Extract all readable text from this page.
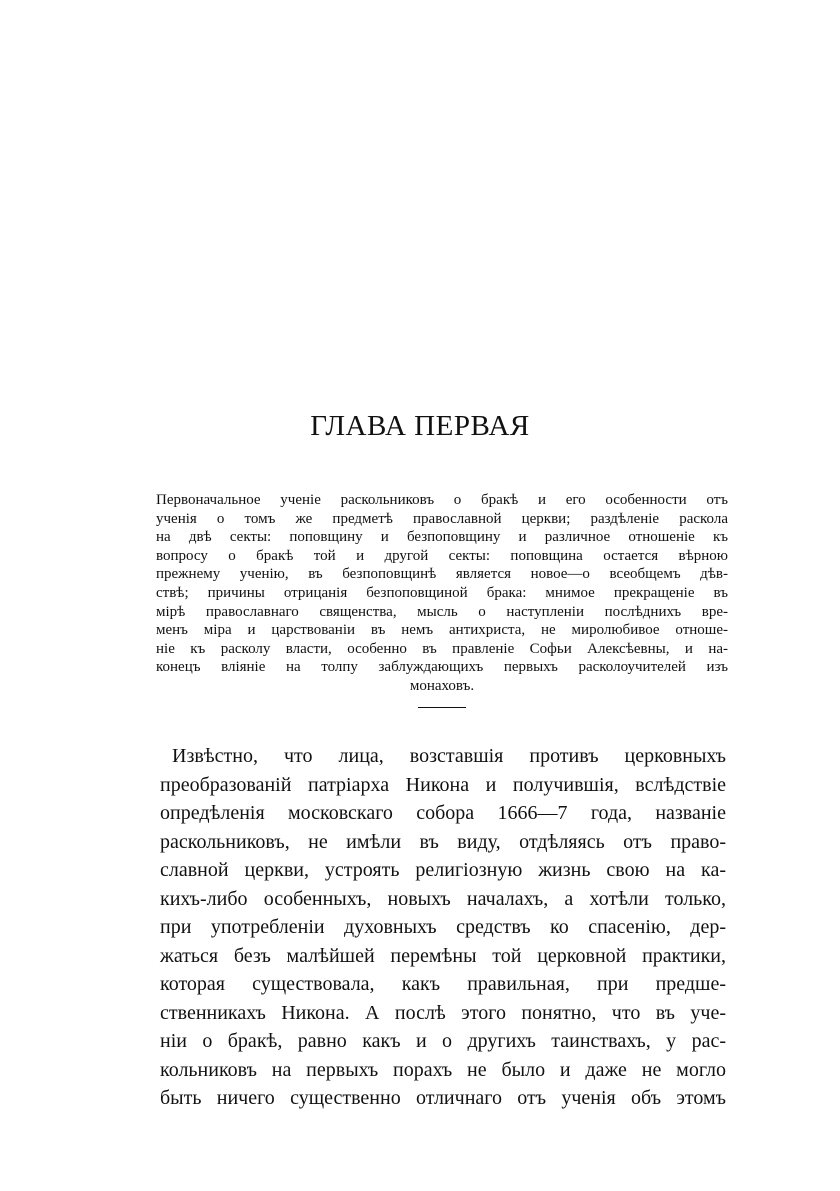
ГЛАВА ПЕРВАЯ
Первоначальное ученіе раскольниковъ о бракѣ и его особенности отъ
ученія о томъ же предметѣ православной церкви; раздѣленіе раскола
на двѣ секты: поповщину и безпоповщину и различное отношеніе къ
вопросу о бракѣ той и другой секты: поповщина остается вѣрною
прежнему ученію, въ безпоповщинѣ является новое—о всеобщемъ дѣв-
ствѣ; причины отрицанія безпоповщиной брака: мнимое прекращеніе въ
мірѣ православнаго священства, мысль о наступленіи послѣднихъ вре-
менъ міра и царствованіи въ немъ антихриста, не миролюбивое отноше-
ніе къ расколу власти, особенно въ правленіе Софьи Алексѣевны, и на-
конецъ вліяніе на толпу заблуждающихъ первыхъ расколоучителей изъ
монаховъ.
Извѣстно, что лица, возставшія противъ церковныхъ
преобразованій патріарха Никона и получившія, вслѣдствіе
опредѣленія московскаго собора 1666—7 года, названіе
раскольниковъ, не имѣли въ виду, отдѣляясь отъ право-
славной церкви, устроять религіозную жизнь свою на ка-
кихъ-либо особенныхъ, новыхъ началахъ, а хотѣли только,
при употребленіи духовныхъ средствъ ко спасенію, дер-
жаться безъ малѣйшей перемѣны той церковной практики,
которая существовала, какъ правильная, при предше-
ственникахъ Никона. А послѣ этого понятно, что въ уче-
ніи о бракѣ, равно какъ и о другихъ таинствахъ, у рас-
кольниковъ на первыхъ порахъ не было и даже не могло
быть ничего существенно отличнаго отъ ученія объ этомъ
